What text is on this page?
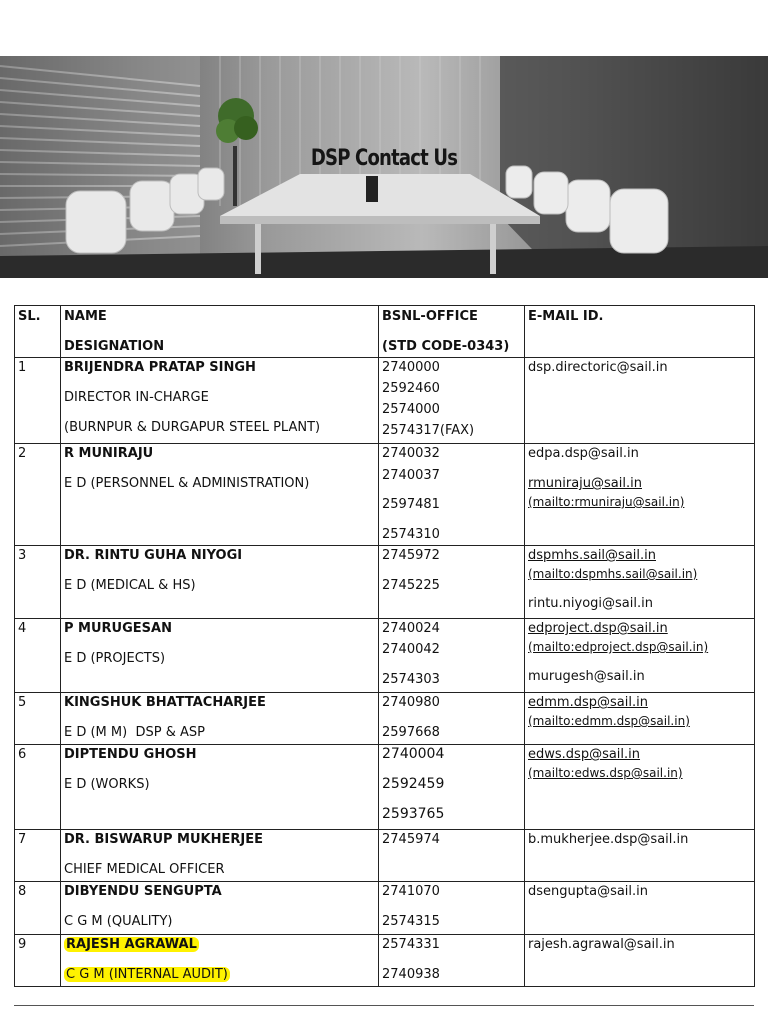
DSP Contact Us
SL.	NAME
DESIGNATION	BSNL-OFFICE
(STD CODE-0343)	E-MAIL ID.

1	BRIJENDRA PRATAP SINGH
DIRECTOR IN-CHARGE
(BURNPUR & DURGAPUR STEEL PLANT)	2740000
2592460
2574000
2574317(FAX)	dsp.directoric@sail.in

2	R MUNIRAJU
E D (PERSONNEL & ADMINISTRATION)	2740032
2740037
2597481
2574310	edpa.dsp@sail.in
rmuniraju@sail.in
(mailto:rmuniraju@sail.in)

3	DR. RINTU GUHA NIYOGI
E D (MEDICAL & HS)	2745972
2745225	dspmhs.sail@sail.in
(mailto:dspmhs.sail@sail.in)
rintu.niyogi@sail.in

4	P MURUGESAN
E D (PROJECTS)	2740024
2740042
2574303	edproject.dsp@sail.in
(mailto:edproject.dsp@sail.in)
murugesh@sail.in

5	KINGSHUK BHATTACHARJEE
E D (M M)  DSP & ASP	2740980
2597668	edmm.dsp@sail.in
(mailto:edmm.dsp@sail.in)

6	DIPTENDU GHOSH
E D (WORKS)	2740004
2592459
2593765	edws.dsp@sail.in
(mailto:edws.dsp@sail.in)

7	DR. BISWARUP MUKHERJEE
CHIEF MEDICAL OFFICER	2745974	b.mukherjee.dsp@sail.in

8	DIBYENDU SENGUPTA
C G M (QUALITY)	2741070
2574315	dsengupta@sail.in

9	RAJESH AGRAWAL
C G M (INTERNAL AUDIT)	2574331
2740938	rajesh.agrawal@sail.in
